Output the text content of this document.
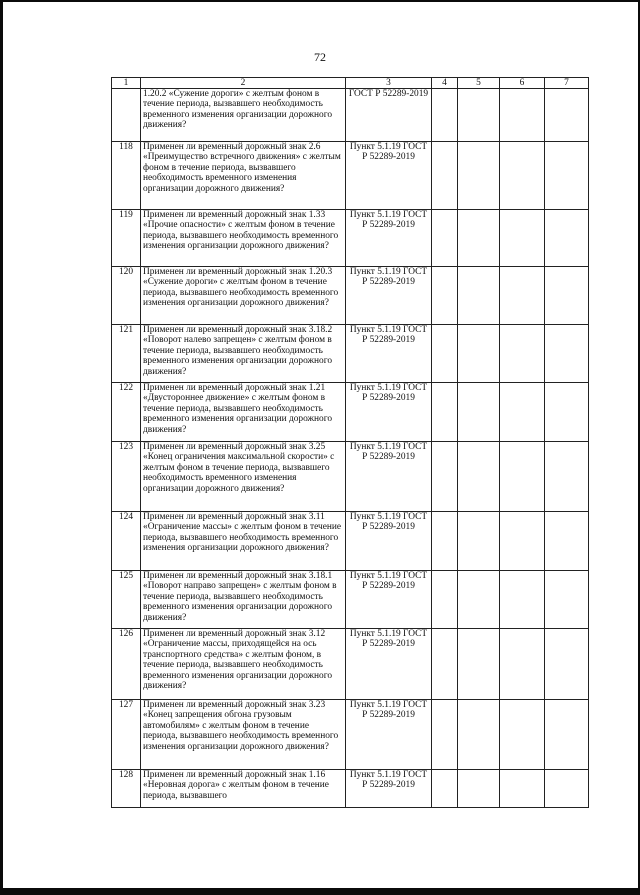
72
1	2	3	4	5	6	7
	1.20.2 «Сужение дороги» с желтым фоном в течение периода, вызвавшего необходимость временного изменения организации дорожного движения?	ГОСТ Р 52289-2019				
118	Применен ли временный дорожный знак 2.6 «Преимущество встречного движения» с желтым фоном в течение периода, вызвавшего необходимость временного изменения организации дорожного движения?	Пункт 5.1.19 ГОСТ Р 52289-2019				
119	Применен ли временный дорожный знак 1.33 «Прочие опасности» с желтым фоном в течение периода, вызвавшего необходимость временного изменения организации дорожного движения?	Пункт 5.1.19 ГОСТ Р 52289-2019				
120	Применен ли временный дорожный знак 1.20.3 «Сужение дороги» с желтым фоном в течение периода, вызвавшего необходимость временного изменения организации дорожного движения?	Пункт 5.1.19 ГОСТ Р 52289-2019				
121	Применен ли временный дорожный знак 3.18.2 «Поворот налево запрещен» с желтым фоном в течение периода, вызвавшего необходимость временного изменения организации дорожного движения?	Пункт 5.1.19 ГОСТ Р 52289-2019				
122	Применен ли временный дорожный знак 1.21 «Двустороннее движение» с желтым фоном в течение периода, вызвавшего необходимость временного изменения организации дорожного движения?	Пункт 5.1.19 ГОСТ Р 52289-2019				
123	Применен ли временный дорожный знак 3.25 «Конец ограничения максимальной скорости» с желтым фоном в течение периода, вызвавшего необходимость временного изменения организации дорожного движения?	Пункт 5.1.19 ГОСТ Р 52289-2019				
124	Применен ли временный дорожный знак 3.11 «Ограничение массы» с желтым фоном в течение периода, вызвавшего необходимость временного изменения организации дорожного движения?	Пункт 5.1.19 ГОСТ Р 52289-2019				
125	Применен ли временный дорожный знак 3.18.1 «Поворот направо запрещен» с желтым фоном в течение периода, вызвавшего необходимость временного изменения организации дорожного движения?	Пункт 5.1.19 ГОСТ Р 52289-2019				
126	Применен ли временный дорожный знак 3.12 «Ограничение массы, приходящейся на ось транспортного средства» с желтым фоном, в течение периода, вызвавшего необходимость временного изменения организации дорожного движения?	Пункт 5.1.19 ГОСТ Р 52289-2019				
127	Применен ли временный дорожный знак 3.23 «Конец запрещения обгона грузовым автомобилям» с желтым фоном в течение периода, вызвавшего необходимость временного изменения организации дорожного движения?	Пункт 5.1.19 ГОСТ Р 52289-2019				
128	Применен ли временный дорожный знак 1.16 «Неровная дорога» с желтым фоном в течение периода, вызвавшего	Пункт 5.1.19 ГОСТ Р 52289-2019				
